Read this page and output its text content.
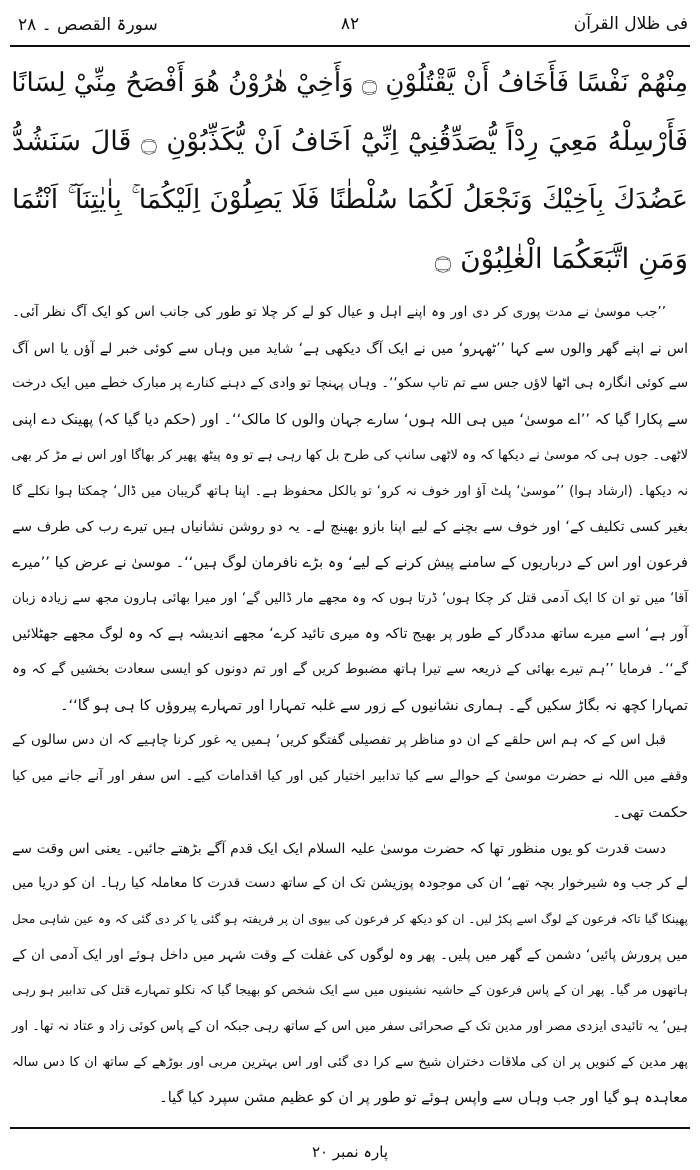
فی ظلال القرآن
۸۲
سورۃ القصص ۔ ۲۸
مِنْهُمْ نَفْسًا فَأَخَافُ أَنْ يَّقْتُلُوْنِ ۝ وَأَخِيْ هٰرُوْنُ هُوَ أَفْصَحُ مِنِّيْ لِسَانًا
فَأَرْسِلْهُ مَعِيَ رِدْاً يُّصَدِّقُنِيْٓ اِنِّيْٓ اَخَافُ اَنْ يُّكَذِّبُوْنِ ۝ قَالَ سَنَشُدُّ
عَضُدَكَ بِاَخِيْكَ وَنَجْعَلُ لَكُمَا سُلْطٰنًا فَلَا يَصِلُوْنَ اِلَيْكُمَا ۚ بِاٰيٰتِنَآ ۚ اَنْتُمَا
وَمَنِ اتَّبَعَكُمَا الْغٰلِبُوْنَ ۝
’’جب موسیٰ نے مدت پوری کر دی اور وہ اپنے اہل و عیال کو لے کر چلا تو طور کی جانب اس کو ایک آگ نظر آئی۔
اس نے اپنے گھر والوں سے کہا ’’ٹھہرو‘ میں نے ایک آگ دیکھی ہے‘ شاید میں وہاں سے کوئی خبر لے آؤں یا اس آگ
سے کوئی انگارہ ہی اٹھا لاؤں جس سے تم تاپ سکو‘‘۔ وہاں پہنچا تو وادی کے دہنے کنارے پر مبارک خطے میں ایک درخت
سے پکارا گیا کہ ’’اے موسیٰ‘ میں ہی اللہ ہوں‘ سارے جہان والوں کا مالک‘‘۔ اور (حکم دیا گیا کہ) پھینک دے اپنی
لاٹھی۔ جوں ہی کہ موسیٰ نے دیکھا کہ وہ لاٹھی سانپ کی طرح بل کھا رہی ہے تو وہ پیٹھ پھیر کر بھاگا اور اس نے مڑ کر بھی
نہ دیکھا۔ (ارشاد ہوا) ’’موسیٰ‘ پلٹ آؤ اور خوف نہ کرو‘ تو بالکل محفوظ ہے۔ اپنا ہاتھ گریبان میں ڈال‘ چمکتا ہوا نکلے گا
بغیر کسی تکلیف کے‘ اور خوف سے بچنے کے لیے اپنا بازو بھینچ لے۔ یہ دو روشن نشانیاں ہیں تیرے رب کی طرف سے
فرعون اور اس کے درباریوں کے سامنے پیش کرنے کے لیے‘ وہ بڑے نافرمان لوگ ہیں‘‘۔ موسیٰ نے عرض کیا ’’میرے
آقا‘ میں تو ان کا ایک آدمی قتل کر چکا ہوں‘ ڈرتا ہوں کہ وہ مجھے مار ڈالیں گے‘ اور میرا بھائی ہارون مجھ سے زیادہ زبان
آور ہے‘ اسے میرے ساتھ مددگار کے طور پر بھیج تاکہ وہ میری تائید کرے‘ مجھے اندیشہ ہے کہ وہ لوگ مجھے جھٹلائیں
گے‘‘۔ فرمایا ’’ہم تیرے بھائی کے ذریعہ سے تیرا ہاتھ مضبوط کریں گے اور تم دونوں کو ایسی سعادت بخشیں گے کہ وہ
تمہارا کچھ نہ بگاڑ سکیں گے۔ ہماری نشانیوں کے زور سے غلبہ تمہارا اور تمہارے پیروؤں کا ہی ہو گا‘‘۔
قبل اس کے کہ ہم اس حلقے کے ان دو مناظر پر تفصیلی گفتگو کریں‘ ہمیں یہ غور کرنا چاہیے کہ ان دس سالوں کے
وقفے میں اللہ نے حضرت موسیٰ کے حوالے سے کیا تدابیر اختیار کیں اور کیا اقدامات کیے۔ اس سفر اور آنے جانے میں کیا
حکمت تھی۔
دست قدرت کو یوں منظور تھا کہ حضرت موسیٰ علیہ السلام ایک ایک قدم آگے بڑھتے جائیں۔ یعنی اس وقت سے
لے کر جب وہ شیرخوار بچہ تھے‘ ان کی موجودہ پوزیشن تک ان کے ساتھ دست قدرت کا معاملہ کیا رہا۔ ان کو دریا میں
پھینکا گیا تاکہ فرعون کے لوگ اسے پکڑ لیں۔ ان کو دیکھ کر فرعون کی بیوی ان پر فریفتہ ہو گئی یا کر دی گئی کہ وہ عین شاہی محل
میں پرورش پائیں‘ دشمن کے گھر میں پلیں۔ پھر وہ لوگوں کی غفلت کے وقت شہر میں داخل ہوئے اور ایک آدمی ان کے
ہاتھوں مر گیا۔ پھر ان کے پاس فرعون کے حاشیہ نشینوں میں سے ایک شخص کو بھیجا گیا کہ نکلو تمہارے قتل کی تدابیر ہو رہی
ہیں‘ یہ تائیدی ایزدی مصر اور مدین تک کے صحرائی سفر میں اس کے ساتھ رہی جبکہ ان کے پاس کوئی زاد و عتاد نہ تھا۔ اور
پھر مدین کے کنویں پر ان کی ملاقات دختران شیخ سے کرا دی گئی اور اس بہترین مربی اور بوڑھے کے ساتھ ان کا دس سالہ
معاہدہ ہو گیا اور جب وہاں سے واپس ہوئے تو طور پر ان کو عظیم مشن سپرد کیا گیا۔
پارہ نمبر ۲۰
